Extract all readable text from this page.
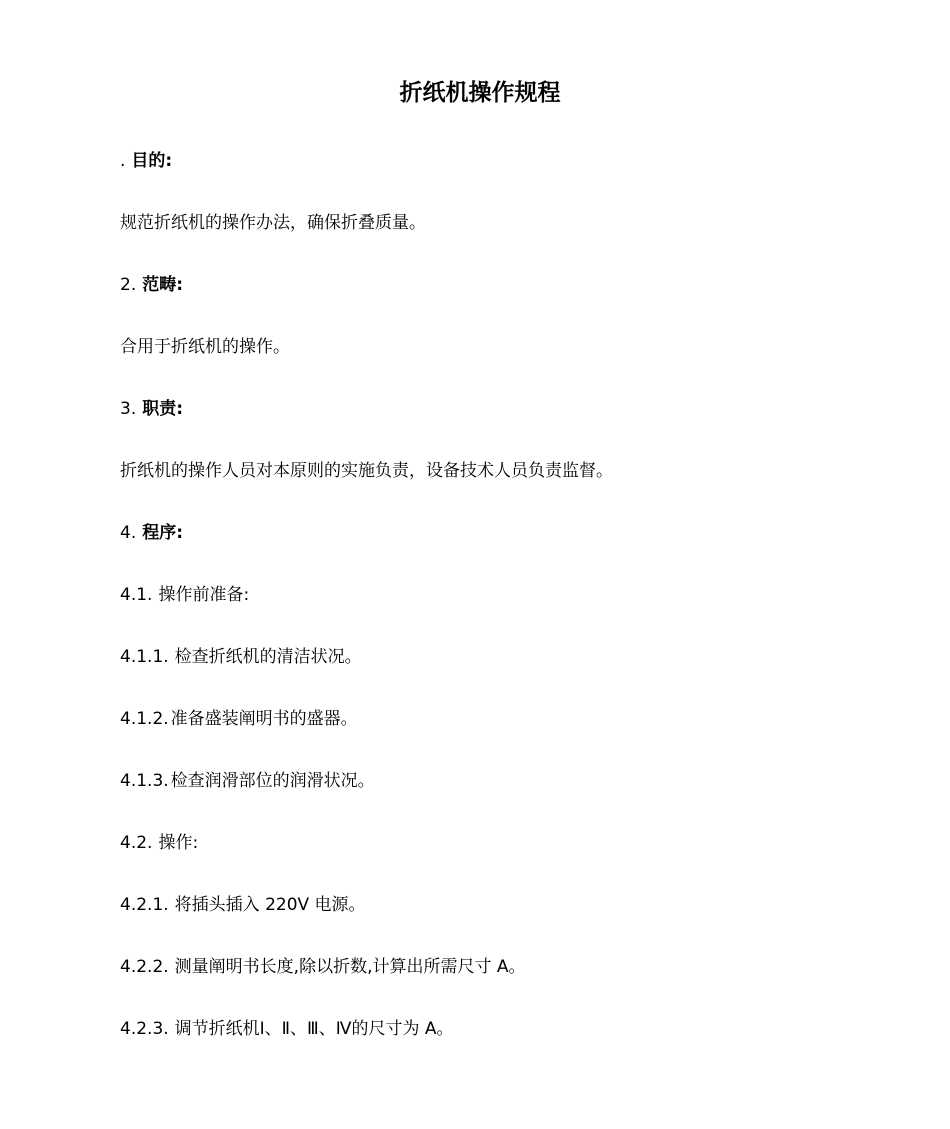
折纸机操作规程
. 目的:
规范折纸机的操作办法，确保折叠质量。
2. 范畴:
合用于折纸机的操作。
3. 职责:
折纸机的操作人员对本原则的实施负责，设备技术人员负责监督。
4. 程序:
4.1. 操作前准备:
4.1.1. 检查折纸机的清洁状况。
4.1.2. 准备盛装阐明书的盛器。
4.1.3. 检查润滑部位的润滑状况。
4.2. 操作:
4.2.1. 将插头插入 220V 电源。
4.2.2. 测量阐明书长度,除以折数,计算出所需尺寸 A。
4.2.3. 调节折纸机Ⅰ、Ⅱ、Ⅲ、Ⅳ的尺寸为 A。
